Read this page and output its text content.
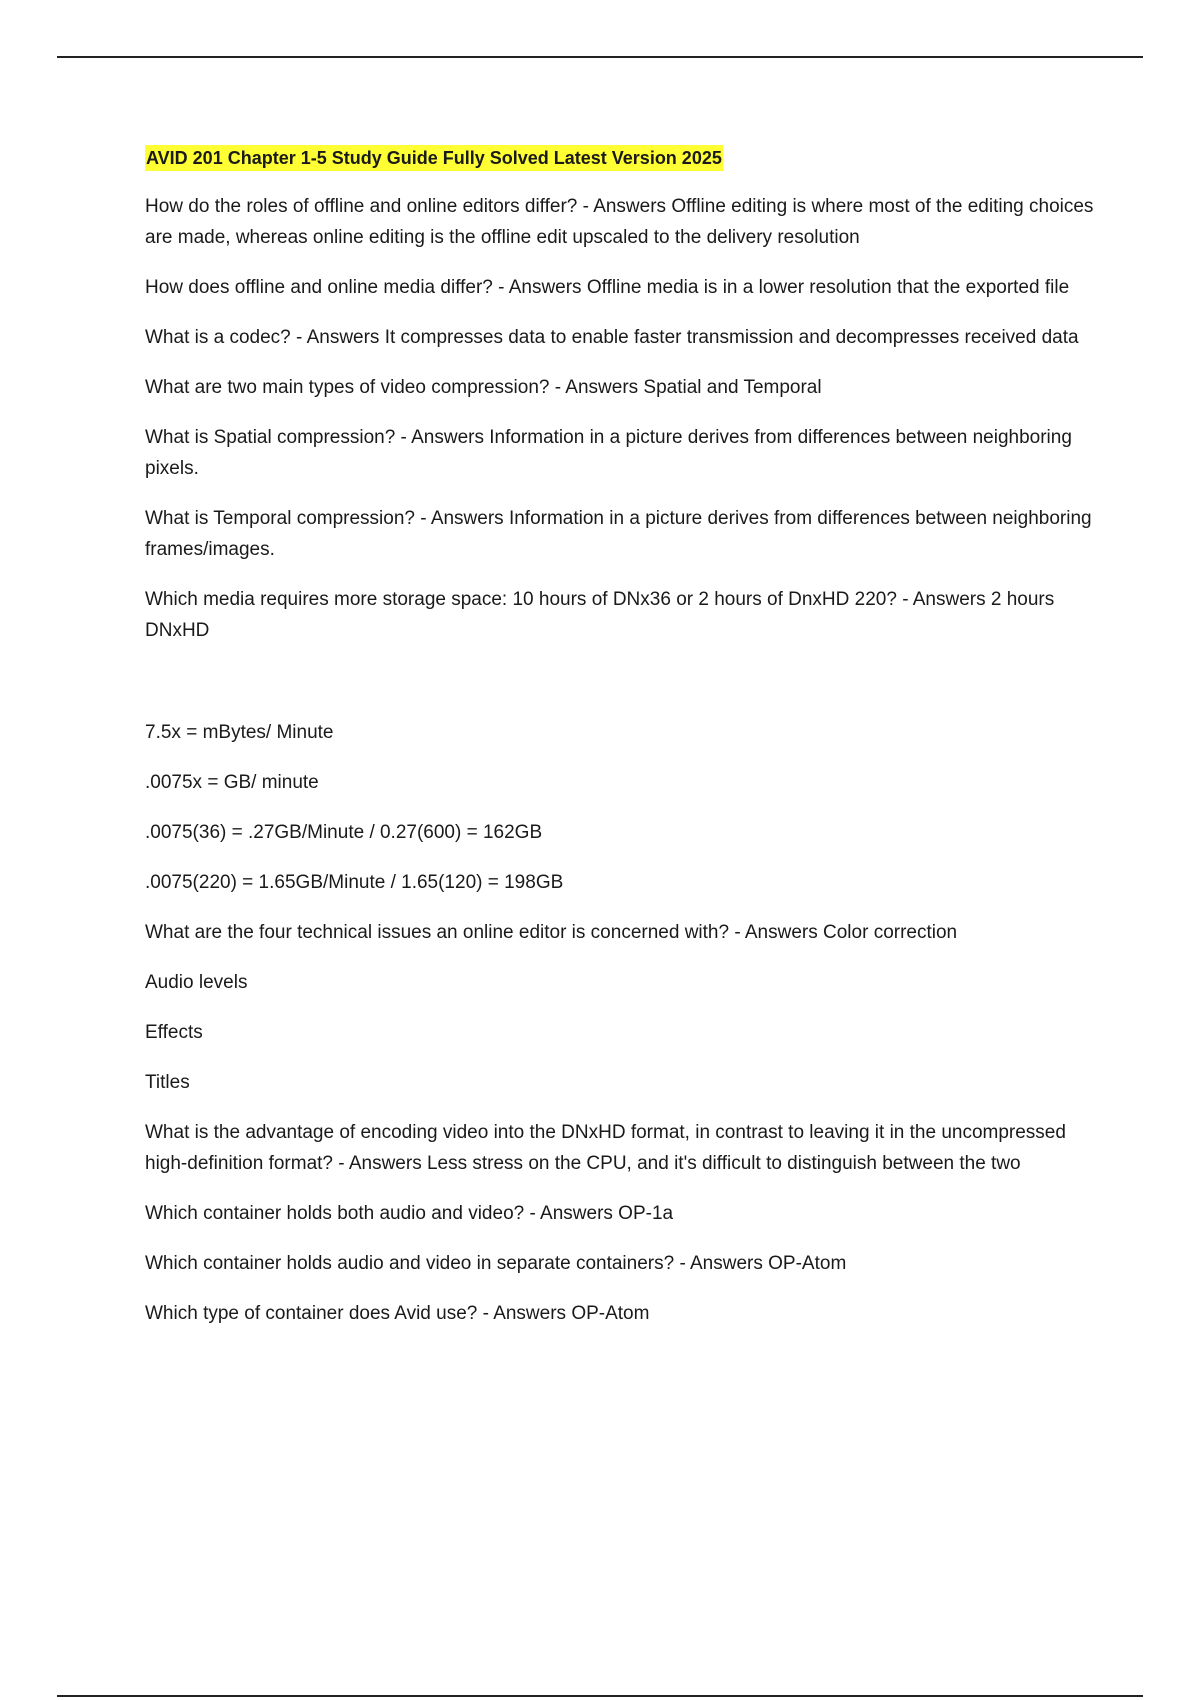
AVID 201 Chapter 1-5 Study Guide Fully Solved Latest Version 2025

How do the roles of offline and online editors differ? - Answers Offline editing is where most of the editing choices are made, whereas online editing is the offline edit upscaled to the delivery resolution

How does offline and online media differ? - Answers Offline media is in a lower resolution that the exported file

What is a codec? - Answers It compresses data to enable faster transmission and decompresses received data

What are two main types of video compression? - Answers Spatial and Temporal

What is Spatial compression? - Answers Information in a picture derives from differences between neighboring pixels.

What is Temporal compression? - Answers Information in a picture derives from differences between neighboring frames/images.

Which media requires more storage space: 10 hours of DNx36 or 2 hours of DnxHD 220? - Answers 2 hours DNxHD

7.5x = mBytes/ Minute

.0075x = GB/ minute

.0075(36) = .27GB/Minute / 0.27(600) = 162GB

.0075(220) = 1.65GB/Minute / 1.65(120) = 198GB

What are the four technical issues an online editor is concerned with? - Answers Color correction

Audio levels

Effects

Titles

What is the advantage of encoding video into the DNxHD format, in contrast to leaving it in the uncompressed high-definition format? - Answers Less stress on the CPU, and it's difficult to distinguish between the two

Which container holds both audio and video? - Answers OP-1a

Which container holds audio and video in separate containers? - Answers OP-Atom

Which type of container does Avid use? - Answers OP-Atom
